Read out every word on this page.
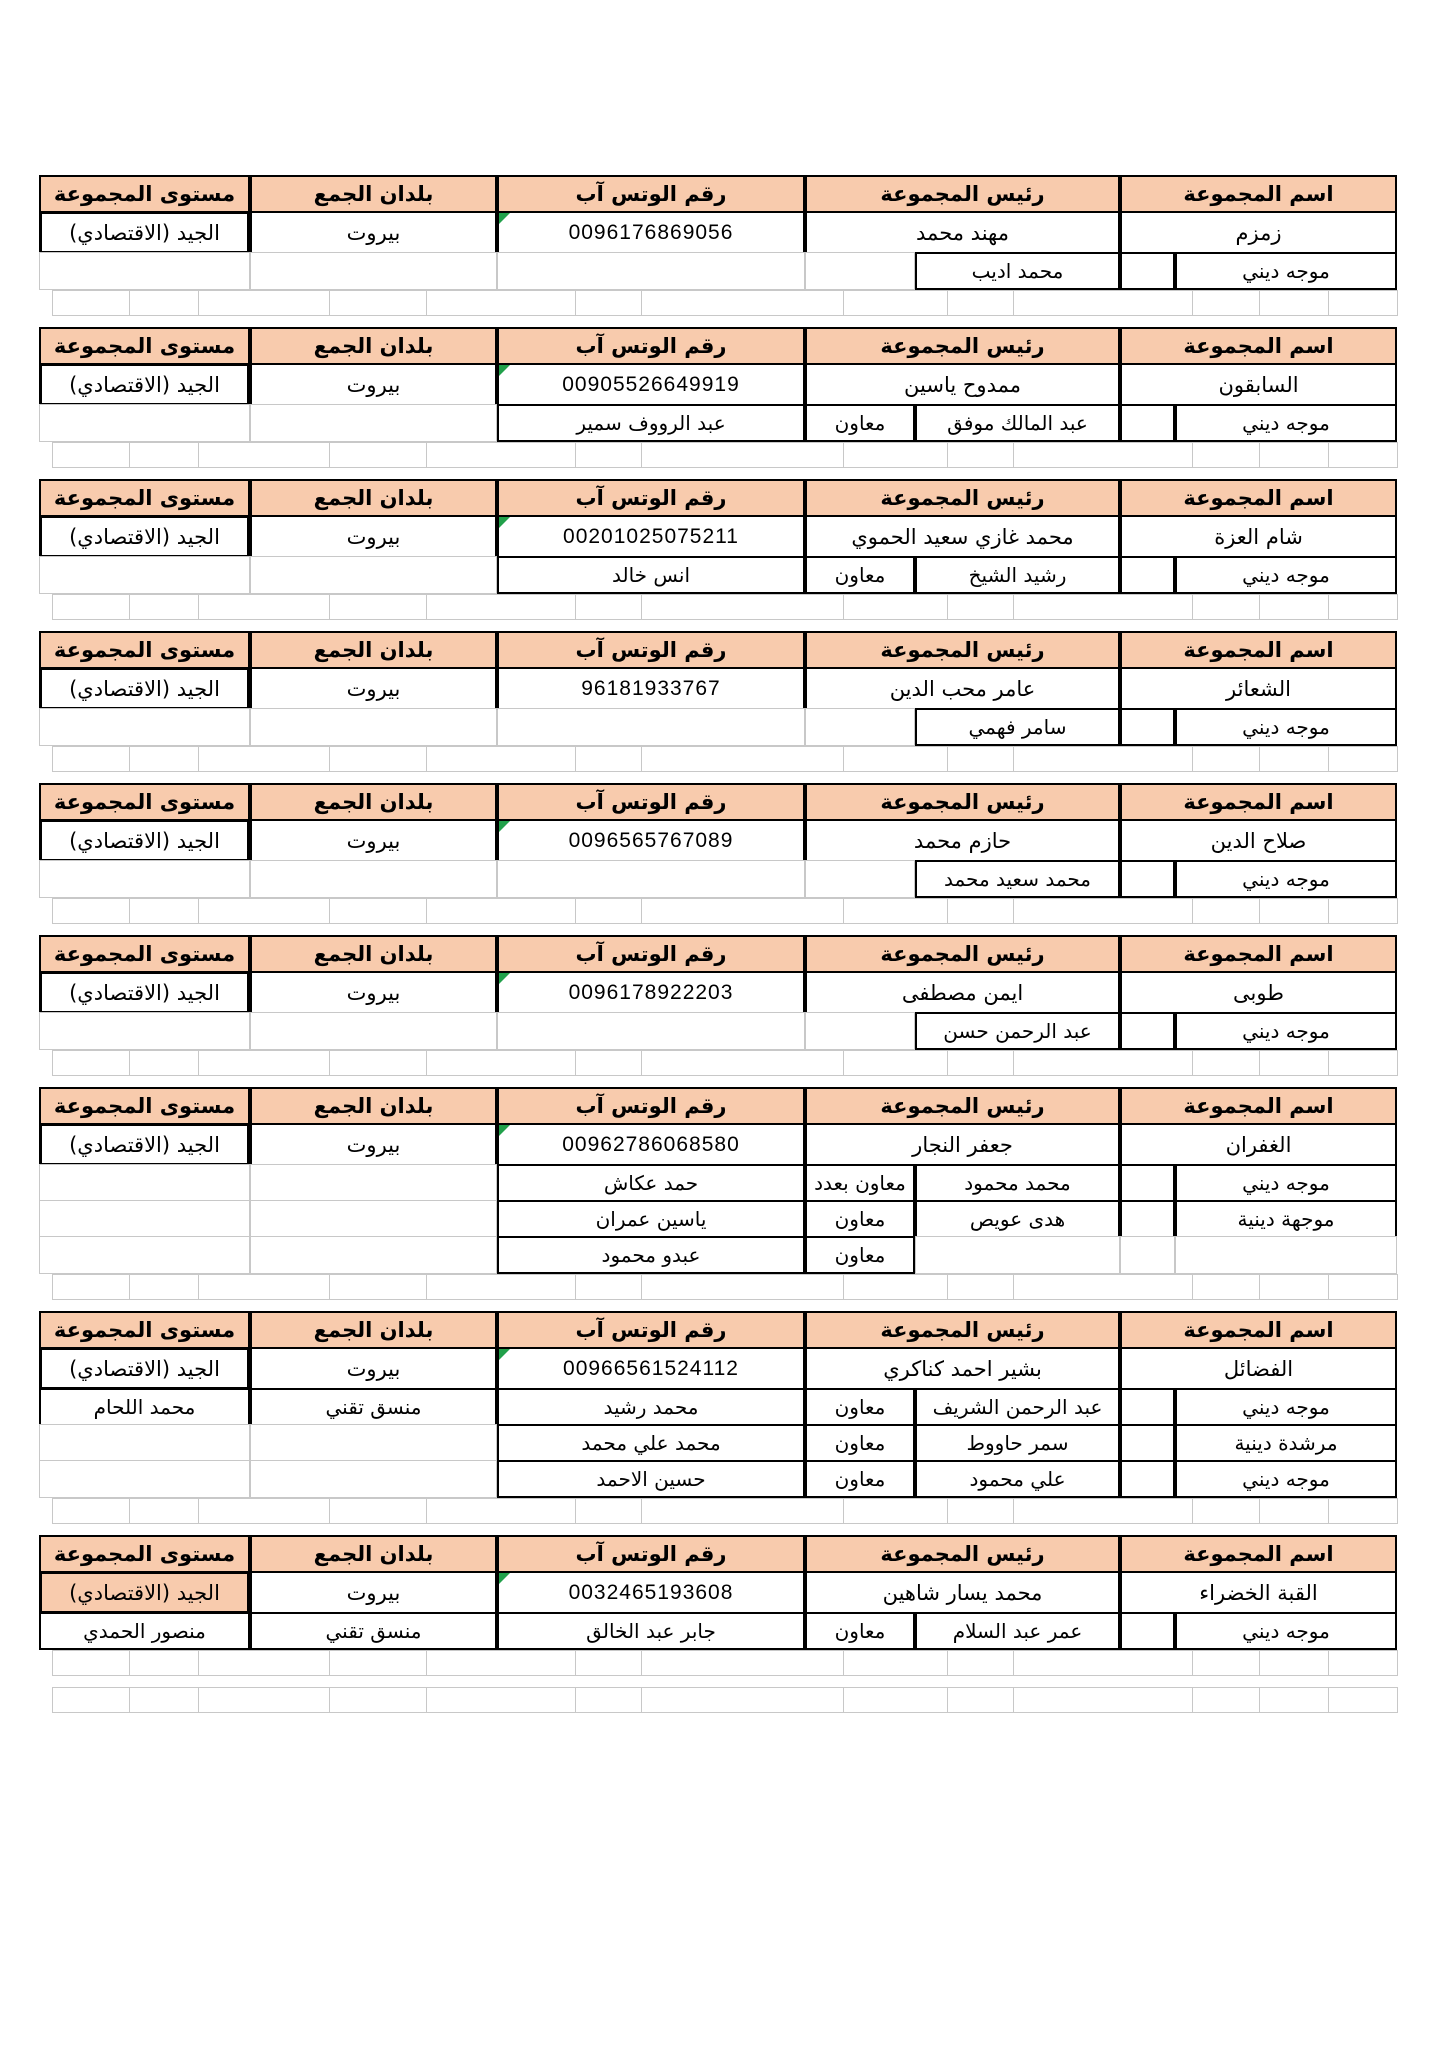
اسم المجموعة
رئيس المجموعة
رقم الوتس آب
بلدان الجمع
مستوى المجموعة
زمزم
مهند محمد
0096176869056
بيروت
الجيد (الاقتصادي)
موجه ديني
محمد اديب
اسم المجموعة
رئيس المجموعة
رقم الوتس آب
بلدان الجمع
مستوى المجموعة
السابقون
ممدوح ياسين
00905526649919
بيروت
الجيد (الاقتصادي)
موجه ديني
عبد المالك موفق
معاون
عبد الرووف سمير
اسم المجموعة
رئيس المجموعة
رقم الوتس آب
بلدان الجمع
مستوى المجموعة
شام العزة
محمد غازي سعيد الحموي
00201025075211
بيروت
الجيد (الاقتصادي)
موجه ديني
رشيد الشيخ
معاون
انس خالد
اسم المجموعة
رئيس المجموعة
رقم الوتس آب
بلدان الجمع
مستوى المجموعة
الشعائر
عامر محب الدين
96181933767
بيروت
الجيد (الاقتصادي)
موجه ديني
سامر فهمي
اسم المجموعة
رئيس المجموعة
رقم الوتس آب
بلدان الجمع
مستوى المجموعة
صلاح الدين
حازم محمد
0096565767089
بيروت
الجيد (الاقتصادي)
موجه ديني
محمد سعيد محمد
اسم المجموعة
رئيس المجموعة
رقم الوتس آب
بلدان الجمع
مستوى المجموعة
طوبى
ايمن مصطفى
0096178922203
بيروت
الجيد (الاقتصادي)
موجه ديني
عبد الرحمن حسن
اسم المجموعة
رئيس المجموعة
رقم الوتس آب
بلدان الجمع
مستوى المجموعة
الغفران
جعفر النجار
00962786068580
بيروت
الجيد (الاقتصادي)
موجه ديني
محمد محمود
معاون بعدد
حمد عكاش
موجهة دينية
هدى عويص
معاون
ياسين عمران
معاون
عبدو محمود
اسم المجموعة
رئيس المجموعة
رقم الوتس آب
بلدان الجمع
مستوى المجموعة
الفضائل
بشير احمد كناكري
00966561524112
بيروت
الجيد (الاقتصادي)
موجه ديني
عبد الرحمن الشريف
معاون
محمد رشيد
منسق تقني
محمد اللحام
مرشدة دينية
سمر حاووط
معاون
محمد علي محمد
موجه ديني
علي محمود
معاون
حسين الاحمد
اسم المجموعة
رئيس المجموعة
رقم الوتس آب
بلدان الجمع
مستوى المجموعة
القبة الخضراء
محمد يسار شاهين
0032465193608
بيروت
الجيد (الاقتصادي)
موجه ديني
عمر عبد السلام
معاون
جابر عبد الخالق
منسق تقني
منصور الحمدي
